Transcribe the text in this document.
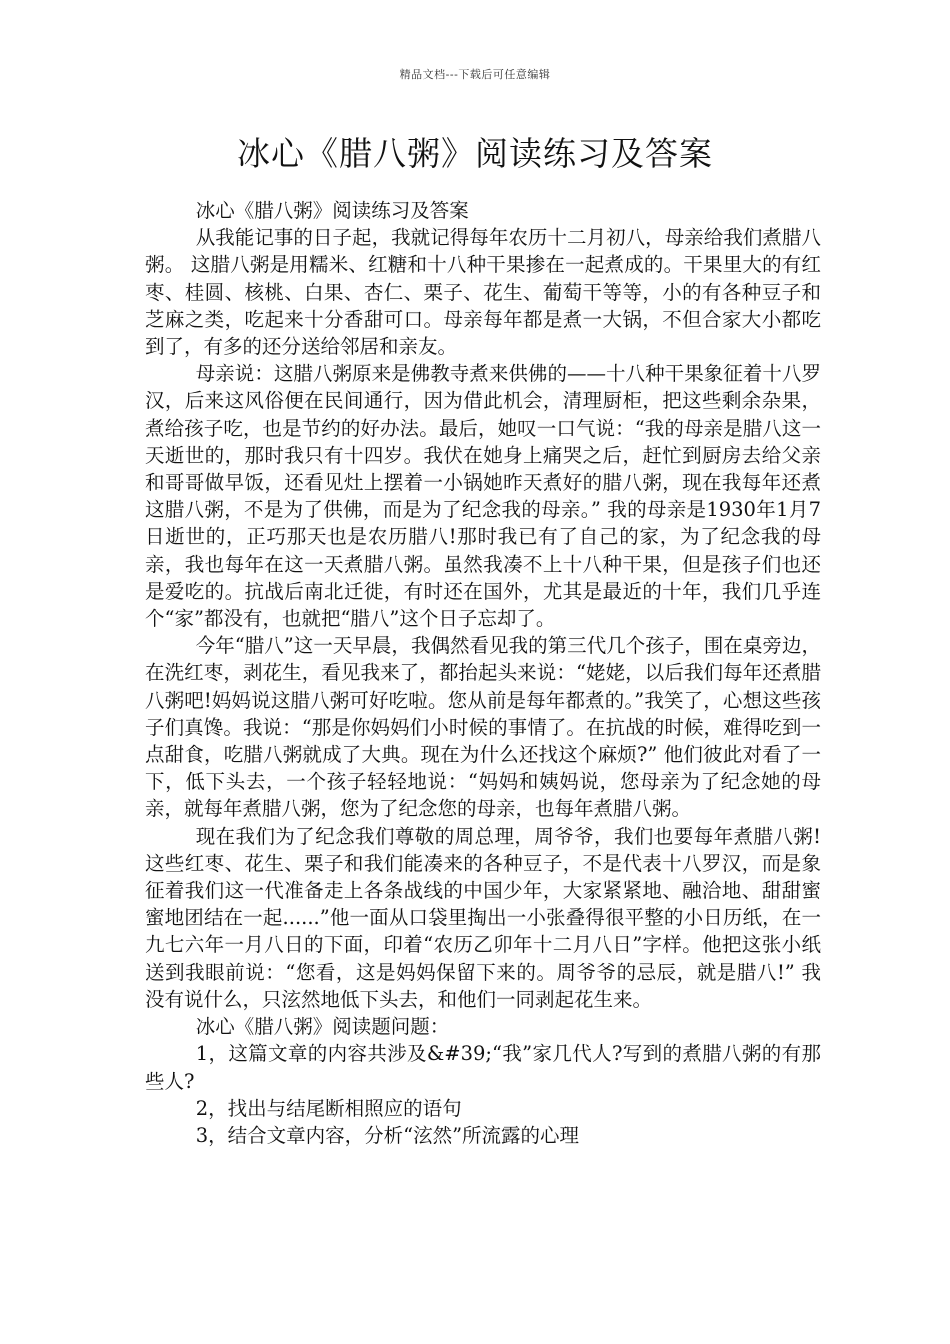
精品文档---下载后可任意编辑
冰心《腊八粥》阅读练习及答案

冰心《腊八粥》阅读练习及答案

从我能记事的日子起，我就记得每年农历十二月初八，母亲给我们煮腊八粥。 这腊八粥是用糯米、红糖和十八种干果掺在一起煮成的。干果里大的有红枣、桂圆、核桃、白果、杏仁、栗子、花生、葡萄干等等，小的有各种豆子和芝麻之类，吃起来十分香甜可口。母亲每年都是煮一大锅，不但合家大小都吃到了，有多的还分送给邻居和亲友。

母亲说：这腊八粥原来是佛教寺煮来供佛的——十八种干果象征着十八罗汉，后来这风俗便在民间通行，因为借此机会，清理厨柜，把这些剩余杂果，煮给孩子吃，也是节约的好办法。最后，她叹一口气说：“我的母亲是腊八这一天逝世的，那时我只有十四岁。我伏在她身上痛哭之后，赶忙到厨房去给父亲和哥哥做早饭，还看见灶上摆着一小锅她昨天煮好的腊八粥，现在我每年还煮这腊八粥，不是为了供佛，而是为了纪念我的母亲。” 我的母亲是1930年1月7日逝世的，正巧那天也是农历腊八!那时我已有了自己的家，为了纪念我的母亲，我也每年在这一天煮腊八粥。虽然我凑不上十八种干果，但是孩子们也还是爱吃的。抗战后南北迁徙，有时还在国外，尤其是最近的十年，我们几乎连个“家”都没有，也就把“腊八”这个日子忘却了。

今年“腊八”这一天早晨，我偶然看见我的第三代几个孩子，围在桌旁边，在洗红枣，剥花生，看见我来了，都抬起头来说：“姥姥，以后我们每年还煮腊八粥吧!妈妈说这腊八粥可好吃啦。您从前是每年都煮的。”我笑了，心想这些孩子们真馋。我说：“那是你妈妈们小时候的事情了。在抗战的时候，难得吃到一点甜食，吃腊八粥就成了大典。现在为什么还找这个麻烦?” 他们彼此对看了一下，低下头去，一个孩子轻轻地说：“妈妈和姨妈说，您母亲为了纪念她的母亲，就每年煮腊八粥，您为了纪念您的母亲，也每年煮腊八粥。

现在我们为了纪念我们尊敬的周总理，周爷爷，我们也要每年煮腊八粥!这些红枣、花生、栗子和我们能凑来的各种豆子，不是代表十八罗汉，而是象征着我们这一代准备走上各条战线的中国少年，大家紧紧地、融洽地、甜甜蜜蜜地团结在一起......”他一面从口袋里掏出一小张叠得很平整的小日历纸，在一九七六年一月八日的下面，印着“农历乙卯年十二月八日”字样。他把这张小纸送到我眼前说：“您看，这是妈妈保留下来的。周爷爷的忌辰，就是腊八!” 我没有说什么，只泫然地低下头去，和他们一同剥起花生来。

冰心《腊八粥》阅读题问题：

1，这篇文章的内容共涉及&#39;“我”家几代人?写到的煮腊八粥的有那些人?

2，找出与结尾断相照应的语句

3，结合文章内容，分析“泫然”所流露的心理
